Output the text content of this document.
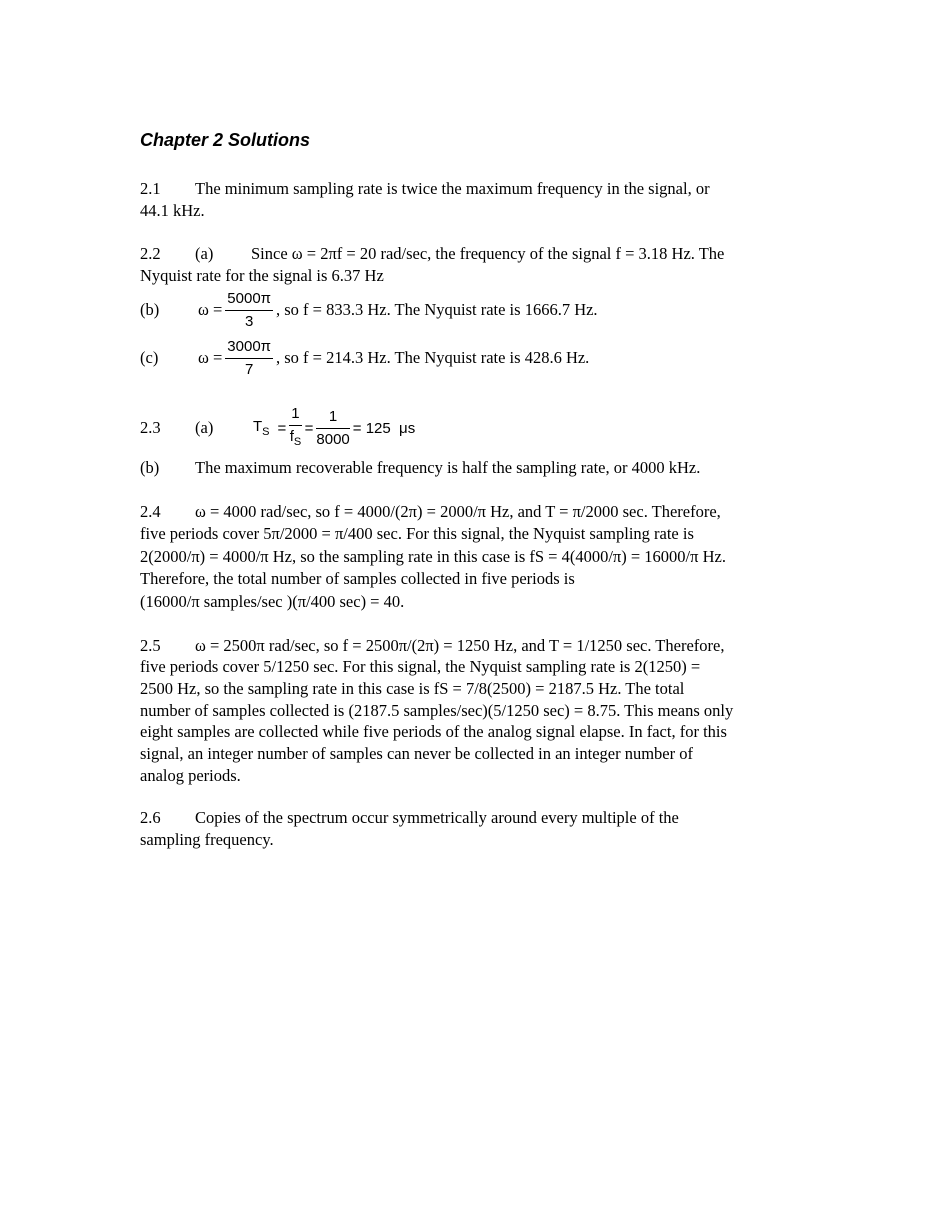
Chapter 2 Solutions
2.1 The minimum sampling rate is twice the maximum frequency in the signal, or
44.1 kHz.
2.2 (a) Since ω = 2πf = 20 rad/sec, the frequency of the signal f = 3.18 Hz. The
Nyquist rate for the signal is 6.37 Hz
(b) $\omega = \frac{5000\pi}{3}$ , so f = 833.3 Hz. The Nyquist rate is 1666.7 Hz.
(c) $\omega = \frac{3000\pi}{7}$ , so f = 214.3 Hz. The Nyquist rate is 428.6 Hz.
2.3 (a)	$T_S = \frac{1}{f_S} = \frac{1}{8000} = 125$  μs
(b) The maximum recoverable frequency is half the sampling rate, or 4000 kHz.
2.4 ω = 4000 rad/sec, so f = 4000/(2π) = 2000/π Hz, and T = π/2000 sec. Therefore,
five periods cover 5π/2000 = π/400 sec. For this signal, the Nyquist sampling rate is
2(2000/π) = 4000/π Hz, so the sampling rate in this case is fS = 4(4000/π) = 16000/π Hz.
Therefore, the total number of samples collected in five periods is
(16000/π samples/sec )(π/400 sec) = 40.
2.5 ω = 2500π rad/sec, so f = 2500π/(2π) = 1250 Hz, and T = 1/1250 sec. Therefore,
five periods cover 5/1250 sec. For this signal, the Nyquist sampling rate is 2(1250) =
2500 Hz, so the sampling rate in this case is fS = 7/8(2500) = 2187.5 Hz. The total
number of samples collected is (2187.5 samples/sec)(5/1250 sec) = 8.75. This means only
eight samples are collected while five periods of the analog signal elapse. In fact, for this
signal, an integer number of samples can never be collected in an integer number of
analog periods.
2.6 Copies of the spectrum occur symmetrically around every multiple of the
sampling frequency.
